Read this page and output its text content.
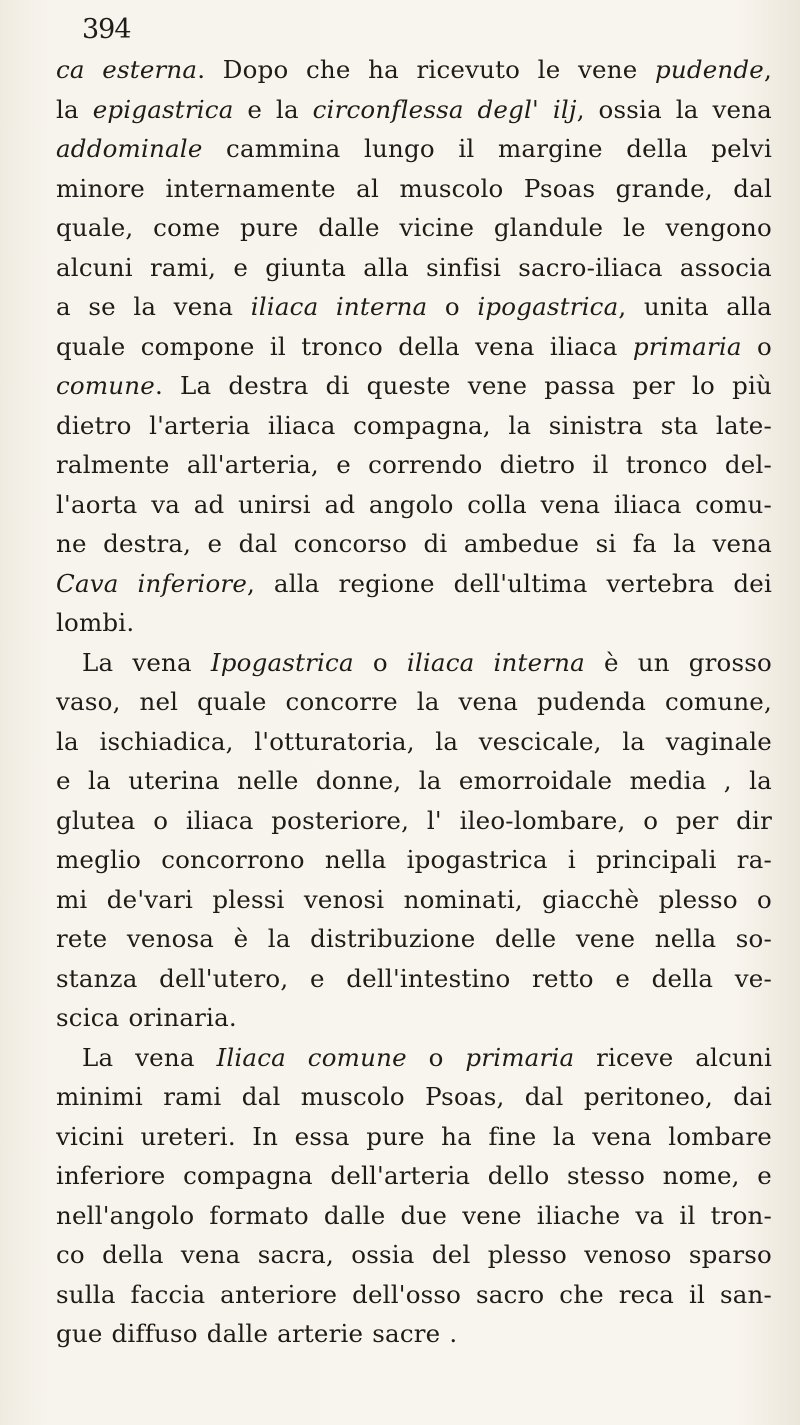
394
ca esterna. Dopo che ha ricevuto le vene pudende,
la epigastrica e la circonflessa degl' ilj, ossia la vena
addominale cammina lungo il margine della pelvi
minore internamente al muscolo Psoas grande, dal
quale, come pure dalle vicine glandule le vengono
alcuni rami, e giunta alla sinfisi sacro-iliaca associa
a se la vena iliaca interna o ipogastrica, unita alla
quale compone il tronco della vena iliaca primaria o
comune. La destra di queste vene passa per lo più
dietro l'arteria iliaca compagna, la sinistra sta late-
ralmente all'arteria, e correndo dietro il tronco del-
l'aorta va ad unirsi ad angolo colla vena iliaca comu-
ne destra, e dal concorso di ambedue si fa la vena
Cava inferiore, alla regione dell'ultima vertebra dei
lombi.
La vena Ipogastrica o iliaca interna è un grosso
vaso, nel quale concorre la vena pudenda comune,
la ischiadica, l'otturatoria, la vescicale, la vaginale
e la uterina nelle donne, la emorroidale media , la
glutea o iliaca posteriore, l' ileo-lombare, o per dir
meglio concorrono nella ipogastrica i principali ra-
mi de'vari plessi venosi nominati, giacchè plesso o
rete venosa è la distribuzione delle vene nella so-
stanza dell'utero, e dell'intestino retto e della ve-
scica orinaria.
La vena Iliaca comune o primaria riceve alcuni
minimi rami dal muscolo Psoas, dal peritoneo, dai
vicini ureteri. In essa pure ha fine la vena lombare
inferiore compagna dell'arteria dello stesso nome, e
nell'angolo formato dalle due vene iliache va il tron-
co della vena sacra, ossia del plesso venoso sparso
sulla faccia anteriore dell'osso sacro che reca il san-
gue diffuso dalle arterie sacre .
